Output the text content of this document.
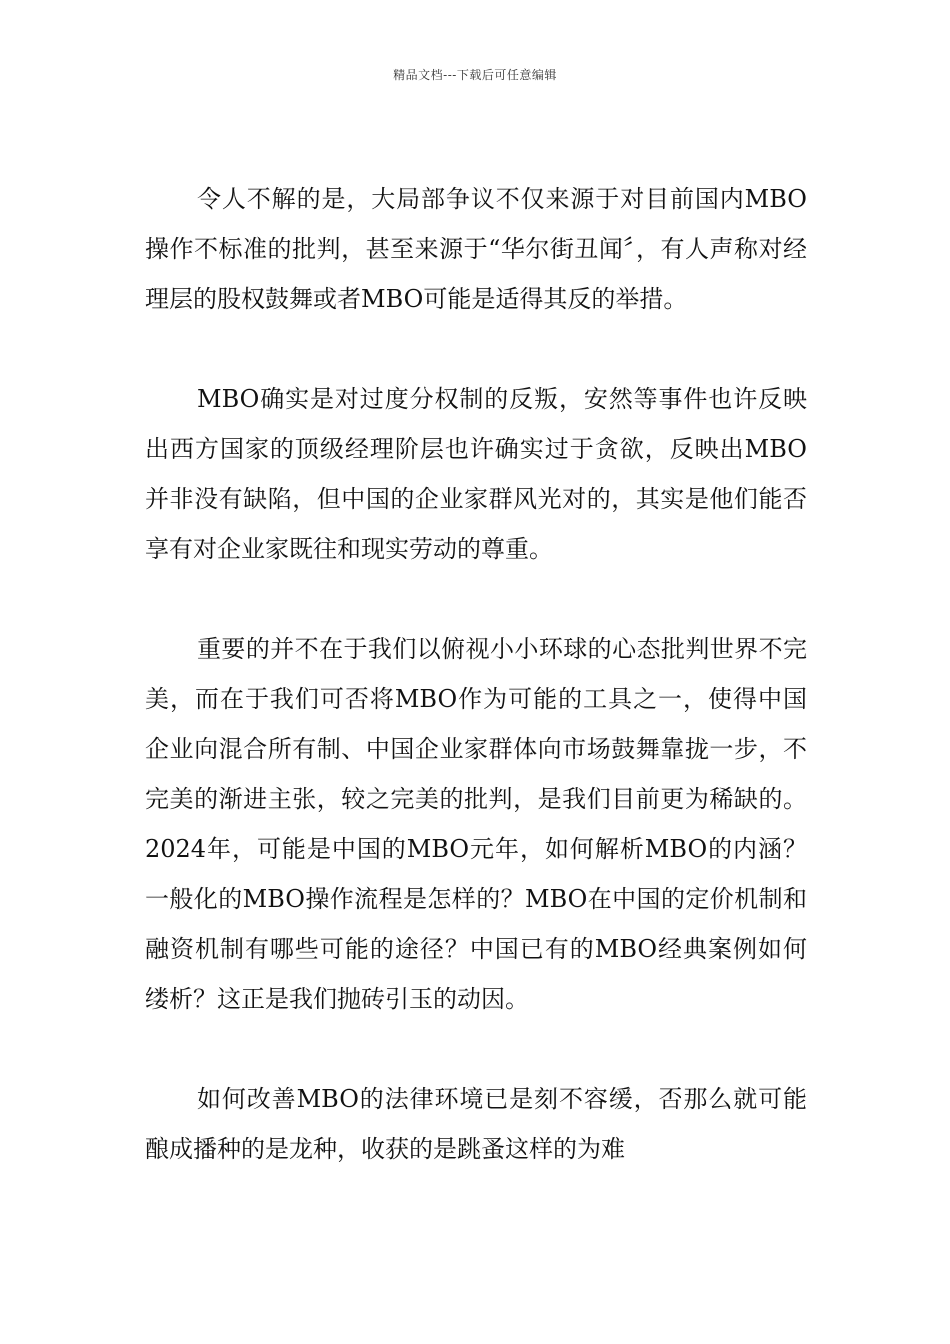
精品文档---下载后可任意编辑

令人不解的是，大局部争议不仅来源于对目前国内MBO操作不标准的批判，甚至来源于“华尔街丑闻〞，有人声称对经理层的股权鼓舞或者MBO可能是适得其反的举措。

MBO确实是对过度分权制的反叛，安然等事件也许反映出西方国家的顶级经理阶层也许确实过于贪欲，反映出MBO并非没有缺陷，但中国的企业家群风光对的，其实是他们能否享有对企业家既往和现实劳动的尊重。

重要的并不在于我们以俯视小小环球的心态批判世界不完美，而在于我们可否将MBO作为可能的工具之一，使得中国企业向混合所有制、中国企业家群体向市场鼓舞靠拢一步，不完美的渐进主张，较之完美的批判，是我们目前更为稀缺的。2024年，可能是中国的MBO元年，如何解析MBO的内涵？一般化的MBO操作流程是怎样的？MBO在中国的定价机制和融资机制有哪些可能的途径？中国已有的MBO经典案例如何缕析？这正是我们抛砖引玉的动因。

如何改善MBO的法律环境已是刻不容缓，否那么就可能酿成播种的是龙种，收获的是跳蚤这样的为难
